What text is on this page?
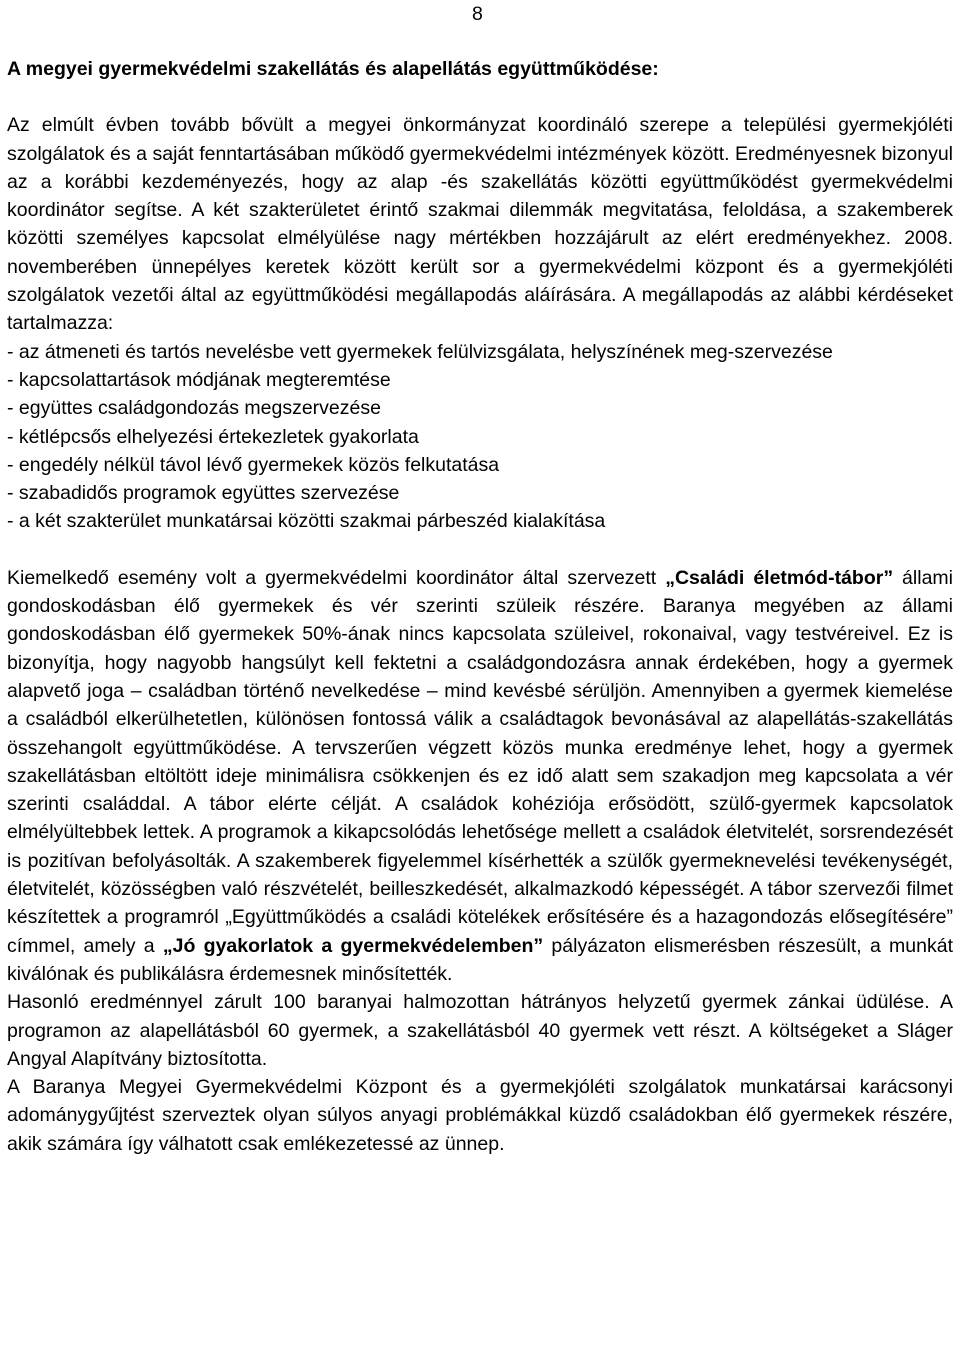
8

A megyei gyermekvédelmi szakellátás és alapellátás együttműködése:

Az elmúlt évben tovább bővült a megyei önkormányzat koordináló szerepe a települési gyermekjóléti szolgálatok és a saját fenntartásában működő gyermekvédelmi intézmények között. Eredményesnek bizonyul az a korábbi kezdeményezés, hogy az alap -és szakellátás közötti együttműködést gyermekvédelmi koordinátor segítse. A két szakterületet érintő szakmai dilemmák megvitatása, feloldása, a szakemberek közötti személyes kapcsolat elmélyülése nagy mértékben hozzájárult az elért eredményekhez. 2008. novemberében ünnepélyes keretek között került sor a gyermekvédelmi központ és a gyermekjóléti szolgálatok vezetői által az együttműködési megállapodás aláírására. A megállapodás az alábbi kérdéseket tartalmazza:

- az átmeneti és tartós nevelésbe vett gyermekek felülvizsgálata, helyszínének meg-szervezése
- kapcsolattartások módjának megteremtése
- együttes családgondozás megszervezése
- kétlépcsős elhelyezési értekezletek gyakorlata
- engedély nélkül távol lévő gyermekek közös felkutatása
- szabadidős programok együttes szervezése
- a két szakterület munkatársai közötti szakmai párbeszéd kialakítása

Kiemelkedő esemény volt a gyermekvédelmi koordinátor által szervezett „Családi életmód-tábor” állami gondoskodásban élő gyermekek és vér szerinti szüleik részére. Baranya megyében az állami gondoskodásban élő gyermekek 50%-ának nincs kapcsolata szüleivel, rokonaival, vagy testvéreivel. Ez is bizonyítja, hogy nagyobb hangsúlyt kell fektetni a családgondozásra annak érdekében, hogy a gyermek alapvető joga – családban történő nevelkedése – mind kevésbé sérüljön. Amennyiben a gyermek kiemelése a családból elkerülhetetlen, különösen fontossá válik a családtagok bevonásával az alapellátás-szakellátás összehangolt együttműködése. A tervszerűen végzett közös munka eredménye lehet, hogy a gyermek szakellátásban eltöltött ideje minimálisra csökkenjen és ez idő alatt sem szakadjon meg kapcsolata a vér szerinti családdal. A tábor elérte célját. A családok kohéziója erősödött, szülő-gyermek kapcsolatok elmélyültebbek lettek. A programok a kikapcsolódás lehetősége mellett a családok életvitelét, sorsrendezését is pozitívan befolyásolták. A szakemberek figyelemmel kísérhették a szülők gyermeknevelési tevékenységét, életvitelét, közösségben való részvételét, beilleszkedését, alkalmazkodó képességét. A tábor szervezői filmet készítettek a programról „Együttműködés a családi kötelékek erősítésére és a hazagondozás elősegítésére” címmel, amely a „Jó gyakorlatok a gyermekvédelemben” pályázaton elismerésben részesült, a munkát kiválónak és publikálásra érdemesnek minősítették.

Hasonló eredménnyel zárult 100 baranyai halmozottan hátrányos helyzetű gyermek zánkai üdülése. A programon az alapellátásból 60 gyermek, a szakellátásból 40 gyermek vett részt. A költségeket a Sláger Angyal Alapítvány biztosította.

A Baranya Megyei Gyermekvédelmi Központ és a gyermekjóléti szolgálatok munkatársai karácsonyi adománygyűjtést szerveztek olyan súlyos anyagi problémákkal küzdő családokban élő gyermekek részére, akik számára így válhatott csak emlékezetessé az ünnep.
